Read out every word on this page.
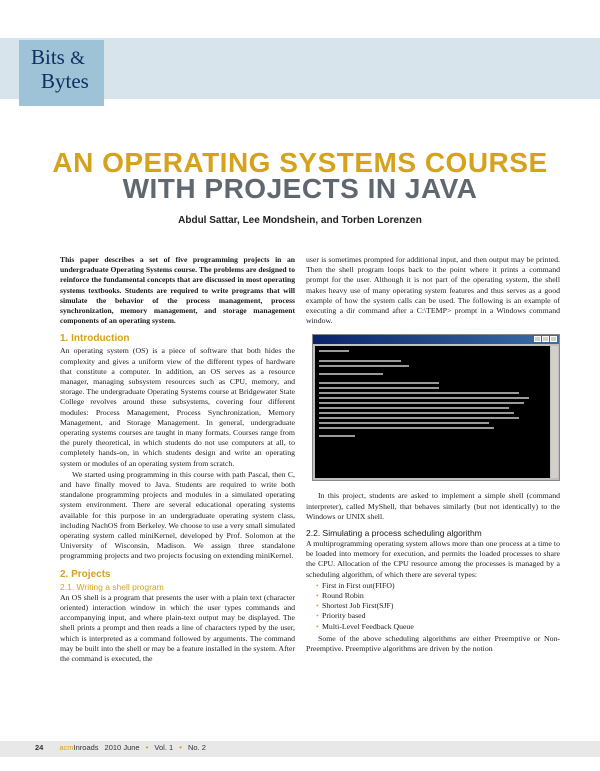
Bits &
Bytes
AN OPERATING SYSTEMS COURSE
WITH PROJECTS IN JAVA
Abdul Sattar, Lee Mondshein, and Torben Lorenzen

This paper describes a set of five programming projects in an undergraduate Operating Systems course. The problems are designed to reinforce the fundamental concepts that are discussed in most operating systems textbooks. Students are required to write programs that will simulate the behavior of the process management, process synchronization, memory management, and storage management components of an operating system.

1. Introduction

An operating system (OS) is a piece of software that both hides the complexity and gives a uniform view of the different types of hardware that constitute a computer. In addition, an OS serves as a resource manager, managing subsystem resources such as CPU, memory, and storage. The undergraduate Operating Systems course at Bridgewater State College revolves around these subsystems, covering four different modules: Process Management, Process Synchronization, Memory Management, and Storage Management. In general, undergraduate operating systems courses are taught in many formats. Courses range from the purely theoretical, in which students do not use computers at all, to completely hands-on, in which students design and write an operating system or modules of an operating system from scratch.

We started using programming in this course with path Pascal, then C, and have finally moved to Java. Students are required to write both standalone programming projects and modules in a simulated operating system environment. There are several educational operating systems available for this purpose in an undergraduate operating system class, including NachOS from Berkeley. We choose to use a very small simulated operating system called miniKernel, developed by Prof. Solomon at the University of Wisconsin, Madison. We assign three standalone programming projects and two projects focusing on extending miniKernel.

2. Projects
2.1. Writing a shell program

An OS shell is a program that presents the user with a plain text (character oriented) interaction window in which the user types commands and accompanying input, and where plain-text output may be displayed. The shell prints a prompt and then reads a line of characters typed by the user, which is interpreted as a command followed by arguments. The command may be built into the shell or may be a feature installed in the system. After the command is executed, the

user is sometimes prompted for additional input, and then output may be printed. Then the shell program loops back to the point where it prints a command prompt for the user. Although it is not part of the operating system, the shell makes heavy use of many operating system features and thus serves as a good example of how the system calls can be used. The following is an example of executing a dir command after a C:\TEMP> prompt in a Windows command window.

In this project, students are asked to implement a simple shell (command interpreter), called MyShell, that behaves similarly (but not identically) to the Windows or UNIX shell.

2.2. Simulating a process scheduling algorithm

A multiprogramming operating system allows more than one process at a time to be loaded into memory for execution, and permits the loaded processes to share the CPU. Allocation of the CPU resource among the processes is managed by a scheduling algorithm, of which there are several types:

• First in First out(FIFO)
• Round Robin
• Shortest Job First(SJF)
• Priority based
• Multi-Level Feedback Queue

Some of the above scheduling algorithms are either Preemptive or Non-Preemptive. Preemptive algorithms are driven by the notion

24 acmInroads 2010 June • Vol. 1 • No. 2
